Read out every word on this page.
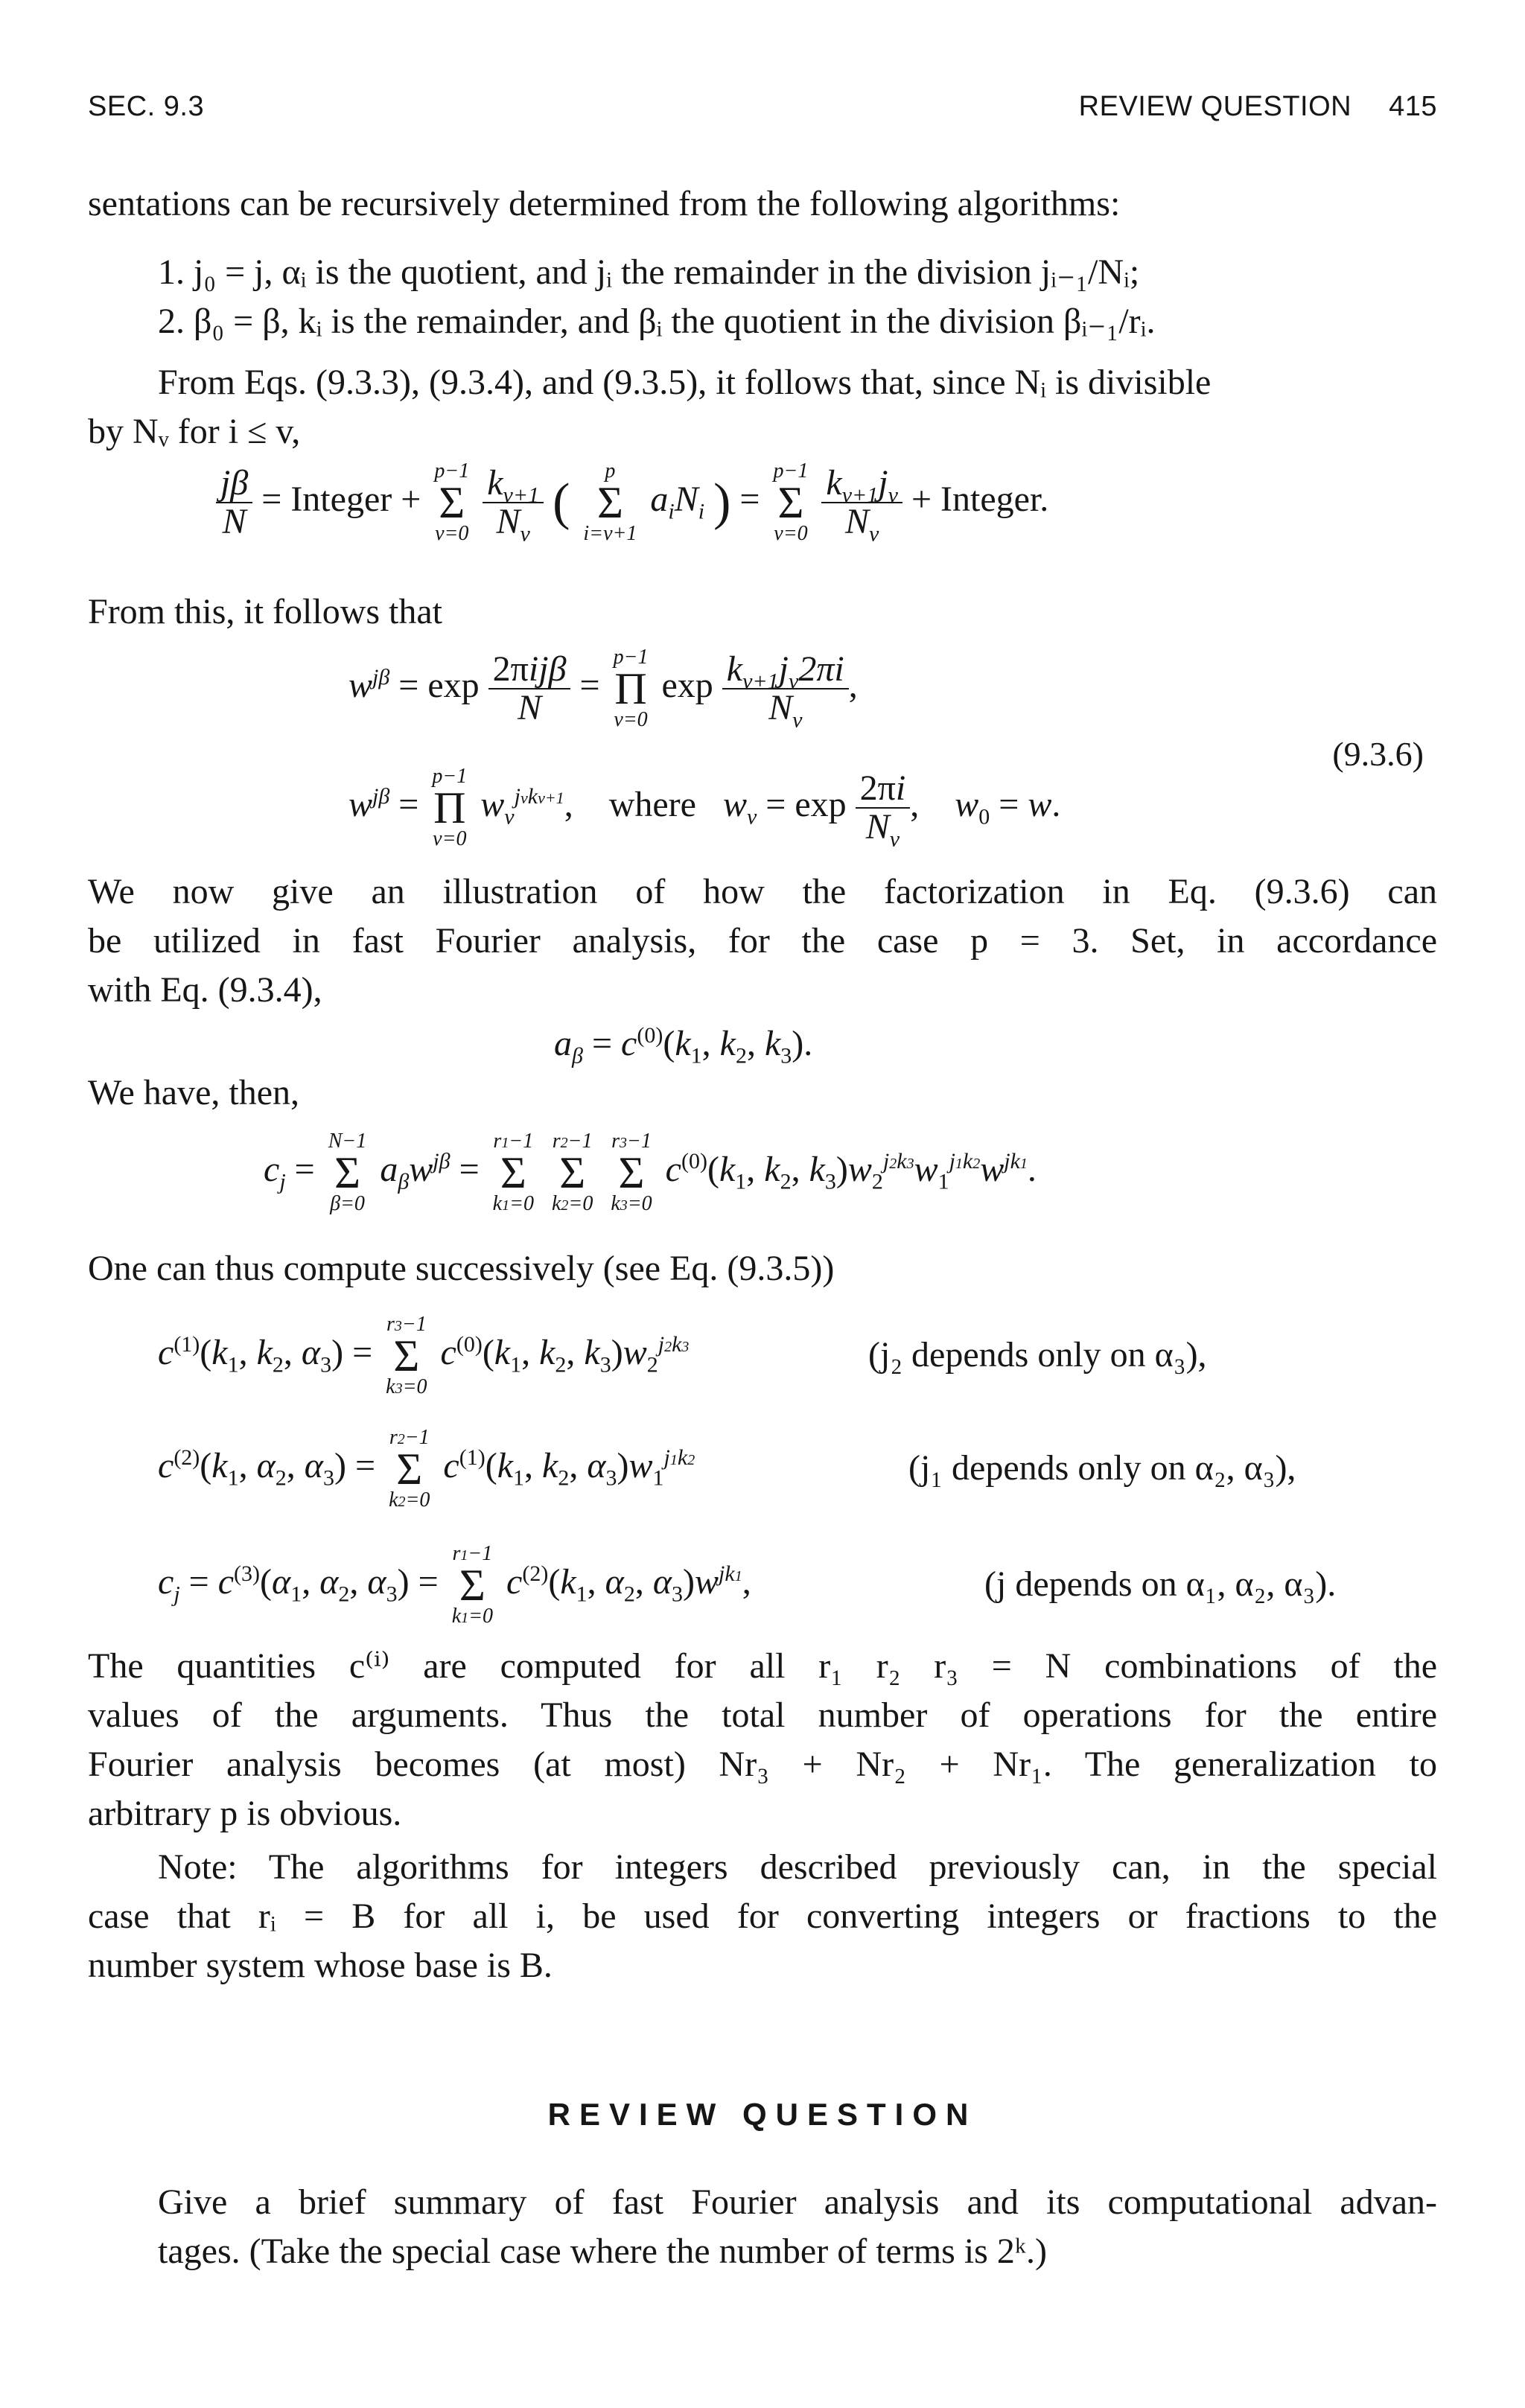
SEC. 9.3	REVIEW QUESTION 415
sentations can be recursively determined from the following algorithms:
1. j₀ = j, αᵢ is the quotient, and jᵢ the remainder in the division jᵢ₋₁/Nᵢ;
2. β₀ = β, kᵢ is the remainder, and βᵢ the quotient in the division βᵢ₋₁/rᵢ.
From Eqs. (9.3.3), (9.3.4), and (9.3.5), it follows that, since Nᵢ is divisible
by Nᵥ for i ≤ v,
$\frac{j\beta}{N}$ = Integer +
p−1
Σ
v=0
$\frac{k_{v+1}}{N_v}$ (
p
Σ
i=v+1
$a_iN_i$ ) =
p−1
Σ
v=0
$\frac{k_{v+1}j_v}{N_v}$ + Integer.
From this, it follows that
$w^{j\beta} = \exp \frac{\text{2πijβ}}{N}$ =
p−1
Π
v=0
$\exp \frac{k_{v+1}j_v2\pi i}{N_v}$ ,
$w^{j\beta}$ =
p−1
Π
v=0
$w_v^{jvkv+1}$,    where   $w_v = \exp \frac{2\pi i}{N_v}$ ,    $w_0 = w$.
(9.3.6)
We now give an illustration of how the factorization in Eq. (9.3.6) can
be utilized in fast Fourier analysis, for the case p = 3. Set, in accordance
with Eq. (9.3.4),
$a_\beta = c^{(0)}(k_1$, $k_2$, $k_3$).
We have, then,
$c_j$ =
N−1
Σ
β=0
$a_\beta w^{j\beta}$ =
r1−1
Σ
k1=0

r2−1
Σ
k2=0

r3−1
Σ
k3=0
$c^{(0)}(k_1$, $k_2$, $k_3)w_2^{j2k3}w_1^{j1k2}w^{jk1}$.
One can thus compute successively (see Eq. (9.3.5))
$c^{(1)}(k_1$, $k_2$, $\alpha_3$) =
r3−1
Σ
k3=0
$c^{(0)}(k_1$, $k_2$, $k_3)w_2^{j2k3}$	(j₂ depends only on α₃),
$c^{(2)}(k_1$, $\alpha_2$, $\alpha_3$) =
r2−1
Σ
k2=0
$c^{(1)}(k_1$, $k_2$, $\alpha_3)w_1^{j1k2}$	(j₁ depends only on α₂, α₃),
$c_j = c^{(3)}(\alpha_1$, $\alpha_2$, $\alpha_3$) =
r1−1
Σ
k1=0
$c^{(2)}(k_1$, $\alpha_2$, $\alpha_3)w^{jk1}$,	(j depends on α₁, α₂, α₃).
The quantities c⁽ⁱ⁾ are computed for all r₁ r₂ r₃ = N combinations of the
values of the arguments. Thus the total number of operations for the entire
Fourier analysis becomes (at most) Nr₃ + Nr₂ + Nr₁. The generalization to
arbitrary p is obvious.
Note: The algorithms for integers described previously can, in the special
case that rᵢ = B for all i, be used for converting integers or fractions to the
number system whose base is B.
REVIEW QUESTION
Give a brief summary of fast Fourier analysis and its computational advan-
tages. (Take the special case where the number of terms is 2ᵏ.)
